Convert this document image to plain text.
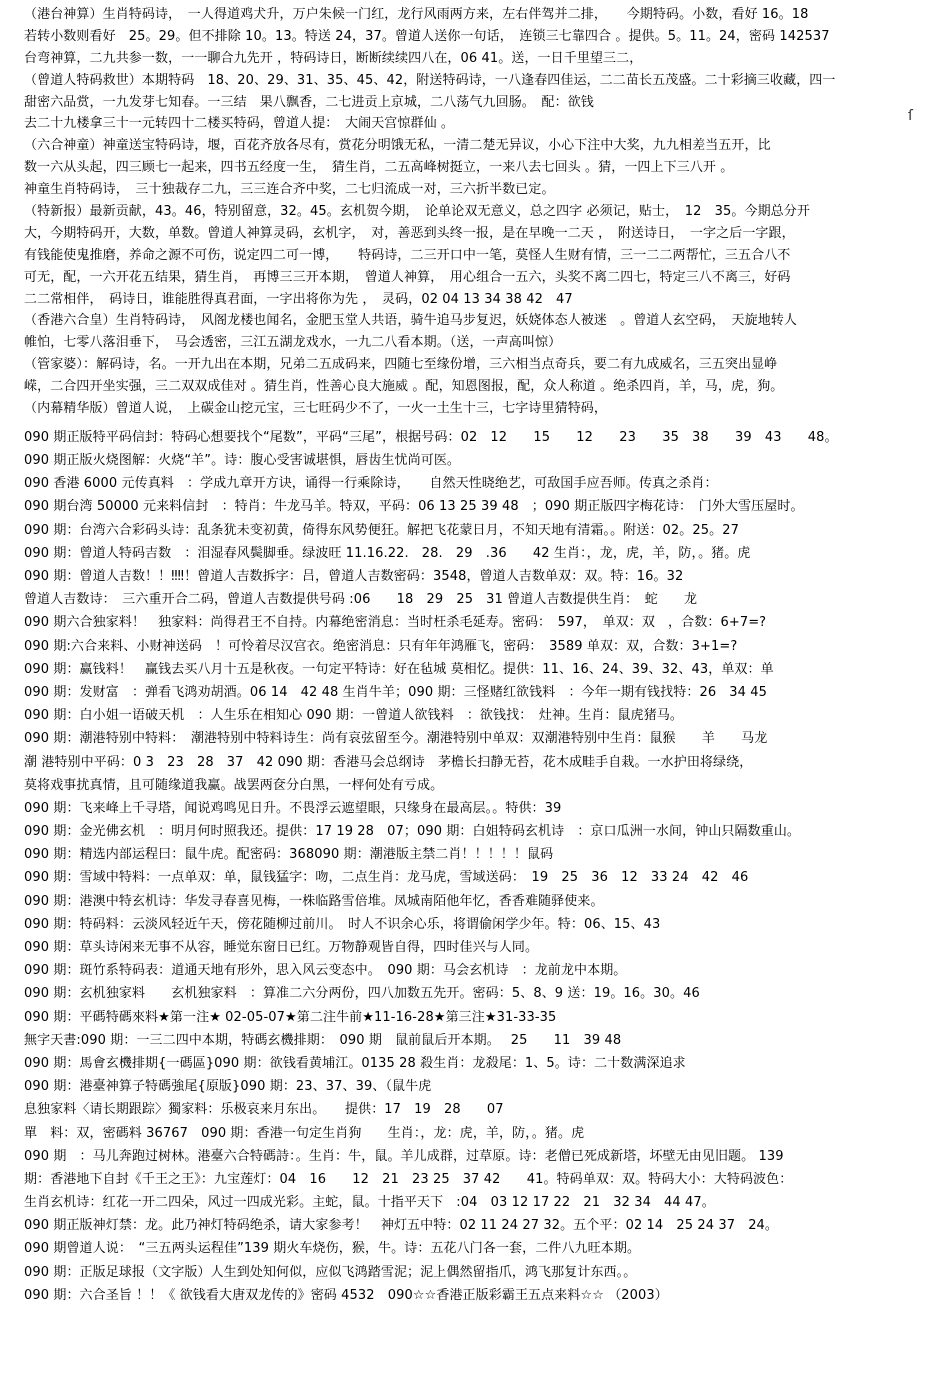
（港台神算）生肖特码诗，　一人得道鸡犬升，万户朱候一门红，龙行风雨两方来，左右伴驾并二排，　　今期特码。小数，看好 16。18
若转小数则看好　25。29。但不排除 10。13。特送 24，37。曾道人送你一句话，　连锁三七靠四合 。提供。5。11。24，密码 142537
台弯神算，二九共参一数，一一聊合九先开 ，特码诗日，断断续续四八在，06 41。送，一日千里望三二，
（曾道人特码救世）本期特码　18、20、29、31、35、45、42，附送特码诗，一八逢春四佳运，二二苗长五茂盛。二十彩摘三收藏，四一
甜密六品赏，一九发芽七知春。一三结　果八飘香，二七进贡上京城，二八荡气九回肠。　配：欲钱
去二十九楼拿三十一元转四十二楼买特码，曾道人提：　大闹天宫惊群仙 。
（六合神童）神童送宝特码诗，堰，百花齐放各尽有，赏花分明饿无私，一清二楚无异议，小心下注中大奖，九九相差当五开，比
数一六从头起，四三顾七一起来，四书五经度一生，　猜生肖，二五高峰树挺立，一来八去七回头 。猜，一四上下三八开 。
神童生肖特码诗，　三十独裁存二九，三三连合齐中奖，二七归流成一对，三六折半数已定。
（特新报）最新贡献，43。46，特别留意，32。45。玄机贺今期，　论单论双无意义，总之四字 必须记，贴士，　12　35。今期总分开
大，今期特码开，大数，单数。曾道人神算灵码，玄机字，　对，善恶到头终一报，是在早晚一二天 ，　附送诗日，　一字之后一字跟，
有钱能使鬼推磨，养命之源不可伤，说定四二可一博，　　特码诗，二三开口中一笔，莫怪人生财有情，三一二二两帮忙，三五合八不
可无，配，一六开花五结果，猜生肖，　再博三三开本期，　曾道人神算，　用心组合一五六，头奖不离二四七，特定三八不离三，好码
二二常相伴，　码诗日，谁能胜得真君面，一字出将你为先 ，　灵码，02 04 13 34 38 42　47
（香港六合皇）生肖特码诗，　风阁龙楼也闻名，金肥玉堂人共语，骑牛追马步复迟，妖娆体态人被迷　。曾道人玄空码，　天旋地转人
帷怕，七零八落泪垂下，　马会透密，三江五湖龙戏水，一九二八看本期。（送，一声高叫惊）
（管家婆）：解码诗，名。一开九出在本期，兄弟二五成码来，四随七至缘份增，三六相当点奇兵，要二有九成威名，三五突出显峥
嵘，二合四开坐实强，三二双双成佳对 。猜生肖，性善心良大施威 。配，知恩图报，配，众人称道 。绝杀四肖，羊，马，虎，狗。
（内幕精华版）曾道人说，　上碳金山挖元宝，三七旺码少不了，一火一土生十三，七字诗里猜特码，
090 期正版特平码信封：特码心想要找个“尾数”，平码“三尾”，根据号码：02　12　　15　　12　　23　　35　38　　39　43　　48。
090 期正版火烧图解：火烧“羊”。诗：腹心受害诚堪惧，唇齿生忧尚可医。
090 香港 6000 元传真料　：学成九章开方诀，诵得一行乘除诗，　　自然天性晓绝艺，可敌国手应吾师。传真之杀肖：
090 期台湾 50000 元来料信封　：特肖：牛龙马羊。特双，平码：06 13 25 39 48　；090 期正版四字梅花诗：　门外大雪压屋时。
090 期：台湾六合彩码头诗：乱条犹未变初黄，倚得东风势便狂。解把飞花蒙日月，不知天地有清霜。。附送：02。25。27
090 期：曾道人特码吉数　：泪湿春风鬓脚垂。绿波旺 11.16.22.　28.　29　.36　　42 生肖：，龙，虎，羊，防，。猪。虎
090 期：曾道人吉数！！‼‼！曾道人吉数拆字：吕，曾道人吉数密码：3548，曾道人吉数单双：双。特：16。32
曾道人吉数诗：　三六重开合二码，曾道人吉数提供号码 :06　　18　29　25　31 曾道人吉数提供生肖：　蛇　　龙
090 期六合独家料！　独家料：尚得君王不自持。内幕绝密消息：当时枉杀毛延寿。密码：　597，　单双：双　，合数：6+7=?
090 期:六合来料、小财神送码　！可怜着尽汉宫衣。绝密消息：只有年年鸿雁飞，密码：　3589 单双：双，合数：3+1=?
090 期：赢钱料！　赢钱去买八月十五是秋夜。一句定平特诗：好在毡城 莫相忆。提供：11、16、24、39、32、43，单双：单
090 期：发财富　：弹看飞鸿劝胡酒。06 14　42 48 生肖牛羊；090 期：三怪赌红欲钱料　：今年一期有钱找特：26　34 45
090 期：白小姐一语破天机　：人生乐在相知心 090 期：一曾道人欲钱料　：欲钱找：　灶神。生肖：鼠虎猪马。
090 期：潮港特别中特料：　潮港特别中特料诗生：尚有哀弦留至今。潮港特别中单双：双潮港特别中生肖：鼠猴　　羊　　马龙
潮 港特别中平码：0 3　23　28　37　42 090 期：香港马会总纲诗　茅檐长扫静无苔，花木成畦手自栽。一水护田将绿绕，
莫将戏事扰真情，且可随缘道我赢。战罢两奁分白黑，一枰何处有亏成。
090 期：飞来峰上千寻塔，闻说鸡鸣见日升。不畏浮云遮望眼，只缘身在最高层。。特供：39
090 期：金光佛玄机　：明月何时照我还。提供：17 19 28　07；090 期：白姐特码玄机诗　：京口瓜洲一水间，钟山只隔数重山。
090 期：精选内部运程曰：鼠牛虎。配密码：368090 期：潮港版主禁二肖！！！！！鼠码
090 期：雪域中特料：一点单双：单，鼠钱猛字：吻，二点生肖：龙马虎，雪域送码：　19　25　36　12　33 24　42　46
090 期：港澳中特玄机诗：华发寻春喜见梅，一株临路雪倍堆。凤城南陌他年忆，香香难随驿使来。
090 期：特码料：云淡风轻近午天，傍花随柳过前川。　时人不识余心乐，将谓偷闲学少年。特：06、15、43
090 期：草头诗闲来无事不从容，睡觉东窗日已红。万物静观皆自得，四时佳兴与人同。
090 期：斑竹系特码表：道通天地有形外，思入风云变态中。　090 期：马会玄机诗　：龙前龙中本期。
090 期：玄机独家料　　玄机独家料　：算准二六分两份，四八加数五先开。密码：5、8、9 送：19。16。30。46
090 期：平碼特碼來料★第一注★ 02-05-07★第二注牛前★11-16-28★第三注★31-33-35
無字天書:090 期：一三二四中本期，特碼玄機排期：　090 期　鼠前鼠后开本期。　 25　　11　39 48
090 期：馬會玄機排期{一碼區}090 期：欲钱看黄埔江。0135 28 殺生肖：龙殺尾：1、5。诗：二十数满深追求
090 期：港臺神算子特碼強尾{原版}090 期：23、37、39、（鼠牛虎
息独家料〈请长期跟踪〉獨家料：乐极哀来月东出。　　提供：17　19　28　　07
單　料：双，密碼料 36767　090 期：香港一句定生肖狗　　生肖：，龙：虎，羊，防，。猪。虎
090 期　：马儿奔跑过树林。港臺六合特碼詩：。生肖：牛，鼠。羊儿成群，过草原。诗：老僧已死成新塔，坏壁无由见旧题。 139
期：香港地下自封《千王之王》：九宝莲灯：04　16　　12　21　23 25　37 42　　41。特码单双：双。特码大小：大特码波色：
生肖玄机诗：红花一开二四朵，风过一四成光彩。主蛇，鼠。十指平天下　:04　03 12 17 22　21　32 34　44 47。
090 期正版神灯禁：龙。此乃神灯特码绝杀，请大家参考！　神灯五中特：02 11 24 27 32。五个平：02 14　25 24 37　24。
090 期曾道人说：　“三五两头运程佳”139 期火车烧伤，猴，牛。诗：五花八门各一套，二件八九旺本期。
090 期：正版足球报（文字版）人生到处知何似，应似飞鸿踏雪泥；泥上偶然留指爪，鸿飞那复计东西。。
090 期：六合圣旨 ！！《 欲钱看大唐双龙传的》密码 4532　090☆☆香港正版彩霸王五点来料☆☆ （2003）
ſ
